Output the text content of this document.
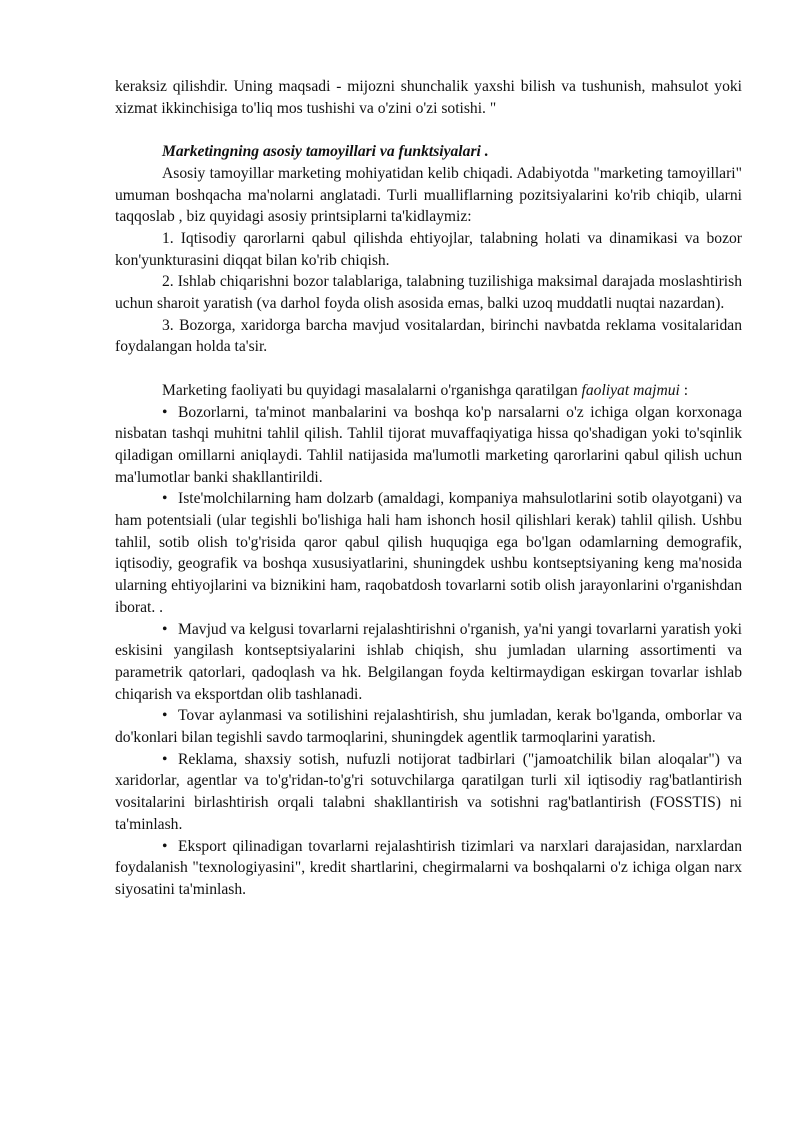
keraksiz qilishdir. Uning maqsadi - mijozni shunchalik yaxshi bilish va tushunish, mahsulot yoki xizmat ikkinchisiga to'liq mos tushishi va o'zini o'zi sotishi. "

Marketingning asosiy tamoyillari va funktsiyalari .

Asosiy tamoyillar marketing mohiyatidan kelib chiqadi. Adabiyotda "marketing tamoyillari" umuman boshqacha ma'nolarni anglatadi. Turli mualliflarning pozitsiyalarini ko'rib chiqib, ularni taqqoslab , biz quyidagi asosiy printsiplarni ta'kidlaymiz:

1. Iqtisodiy qarorlarni qabul qilishda ehtiyojlar, talabning holati va dinamikasi va bozor kon'yunkturasini diqqat bilan ko'rib chiqish.

2. Ishlab chiqarishni bozor talablariga, talabning tuzilishiga maksimal darajada moslashtirish uchun sharoit yaratish (va darhol foyda olish asosida emas, balki uzoq muddatli nuqtai nazardan).

3. Bozorga, xaridorga barcha mavjud vositalardan, birinchi navbatda reklama vositalaridan foydalangan holda ta'sir.

Marketing faoliyati bu quyidagi masalalarni o'rganishga qaratilgan faoliyat majmui :

• Bozorlarni, ta'minot manbalarini va boshqa ko'p narsalarni o'z ichiga olgan korxonaga nisbatan tashqi muhitni tahlil qilish. Tahlil tijorat muvaffaqiyatiga hissa qo'shadigan yoki to'sqinlik qiladigan omillarni aniqlaydi. Tahlil natijasida ma'lumotli marketing qarorlarini qabul qilish uchun ma'lumotlar banki shakllantirildi.

• Iste'molchilarning ham dolzarb (amaldagi, kompaniya mahsulotlarini sotib olayotgani) va ham potentsiali (ular tegishli bo'lishiga hali ham ishonch hosil qilishlari kerak) tahlil qilish. Ushbu tahlil, sotib olish to'g'risida qaror qabul qilish huquqiga ega bo'lgan odamlarning demografik, iqtisodiy, geografik va boshqa xususiyatlarini, shuningdek ushbu kontseptsiyaning keng ma'nosida ularning ehtiyojlarini va biznikini ham, raqobatdosh tovarlarni sotib olish jarayonlarini o'rganishdan iborat. .

• Mavjud va kelgusi tovarlarni rejalashtirishni o'rganish, ya'ni yangi tovarlarni yaratish yoki eskisini yangilash kontseptsiyalarini ishlab chiqish, shu jumladan ularning assortimenti va parametrik qatorlari, qadoqlash va hk. Belgilangan foyda keltirmaydigan eskirgan tovarlar ishlab chiqarish va eksportdan olib tashlanadi.

• Tovar aylanmasi va sotilishini rejalashtirish, shu jumladan, kerak bo'lganda, omborlar va do'konlari bilan tegishli savdo tarmoqlarini, shuningdek agentlik tarmoqlarini yaratish.

• Reklama, shaxsiy sotish, nufuzli notijorat tadbirlari ("jamoatchilik bilan aloqalar") va xaridorlar, agentlar va to'g'ridan-to'g'ri sotuvchilarga qaratilgan turli xil iqtisodiy rag'batlantirish vositalarini birlashtirish orqali talabni shakllantirish va sotishni rag'batlantirish (FOSSTIS) ni ta'minlash.

• Eksport qilinadigan tovarlarni rejalashtirish tizimlari va narxlari darajasidan, narxlardan foydalanish "texnologiyasini", kredit shartlarini, chegirmalarni va boshqalarni o'z ichiga olgan narx siyosatini ta'minlash.
